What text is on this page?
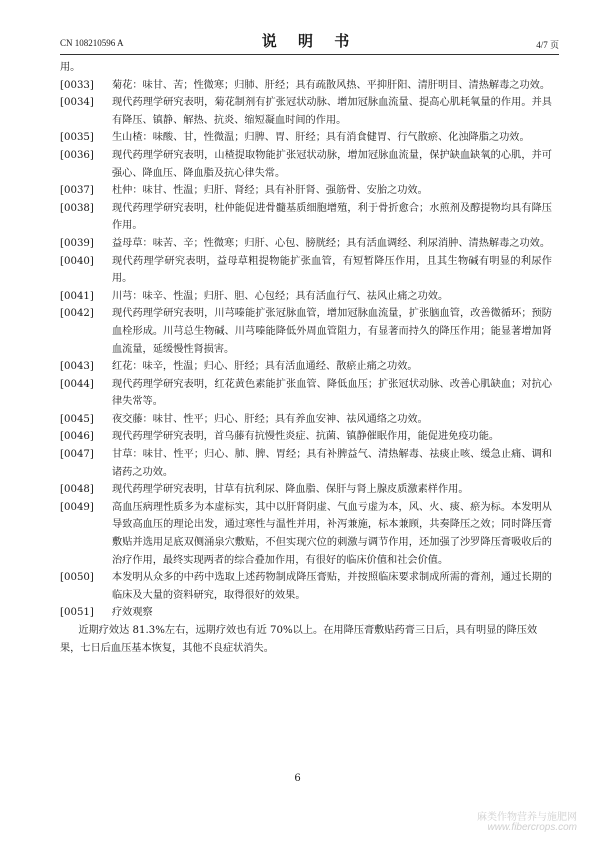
CN 108210596 A	说 明 书	4/7 页
用。
[0033]	菊花：味甘、苦；性微寒；归肺、肝经；具有疏散风热、平抑肝阳、清肝明目、清热解毒之功效。
[0034]	现代药理学研究表明，菊花制剂有扩张冠状动脉、增加冠脉血流量、提高心肌耗氧量的作用。并具有降压、镇静、解热、抗炎、缩短凝血时间的作用。
[0035]	生山楂：味酸、甘，性微温；归脾、胃、肝经；具有消食健胃、行气散瘀、化浊降脂之功效。
[0036]	现代药理学研究表明，山楂提取物能扩张冠状动脉，增加冠脉血流量，保护缺血缺氧的心肌，并可强心、降血压、降血脂及抗心律失常。
[0037]	杜仲：味甘、性温；归肝、肾经；具有补肝肾、强筋骨、安胎之功效。
[0038]	现代药理学研究表明，杜仲能促进骨髓基质细胞增殖，利于骨折愈合；水煎剂及醇提物均具有降压作用。
[0039]	益母草：味苦、辛；性微寒；归肝、心包、膀胱经；具有活血调经、利尿消肿、清热解毒之功效。
[0040]	现代药理学研究表明，益母草粗提物能扩张血管，有短暂降压作用，且其生物碱有明显的利尿作用。
[0041]	川芎：味辛、性温；归肝、胆、心包经；具有活血行气、祛风止痛之功效。
[0042]	现代药理学研究表明，川芎嗪能扩张冠脉血管，增加冠脉血流量，扩张脑血管，改善微循环；预防血栓形成。川芎总生物碱、川芎嗪能降低外周血管阻力，有显著而持久的降压作用；能显著增加肾血流量，延缓慢性肾损害。
[0043]	红花：味辛，性温；归心、肝经；具有活血通经、散瘀止痛之功效。
[0044]	现代药理学研究表明，红花黄色素能扩张血管、降低血压；扩张冠状动脉、改善心肌缺血；对抗心律失常等。
[0045]	夜交藤：味甘、性平；归心、肝经；具有养血安神、祛风通络之功效。
[0046]	现代药理学研究表明，首乌藤有抗慢性炎症、抗菌、镇静催眠作用，能促进免疫功能。
[0047]	甘草：味甘、性平；归心、肺、脾、胃经；具有补脾益气、清热解毒、祛痰止咳、缓急止痛、调和诸药之功效。
[0048]	现代药理学研究表明，甘草有抗利尿、降血脂、保肝与肾上腺皮质激素样作用。
[0049]	高血压病理性质多为本虚标实，其中以肝肾阴虚、气血亏虚为本，风、火、痰、瘀为标。本发明从导致高血压的理论出发，通过寒性与温性并用，补泻兼施，标本兼顾，共奏降压之效；同时降压膏敷贴并选用足底双侧涌泉穴敷贴，不但实现穴位的刺激与调节作用，还加强了沙罗降压膏吸收后的治疗作用，最终实现两者的综合叠加作用，有很好的临床价值和社会价值。
[0050]	本发明从众多的中药中选取上述药物制成降压膏贴，并按照临床要求制成所需的膏剂，通过长期的临床及大量的资料研究，取得很好的效果。
[0051]	疗效观察
近期疗效达 81.3%左右，远期疗效也有近 70%以上。在用降压膏敷贴药膏三日后，具有明显的降压效果，七日后血压基本恢复，其他不良症状消失。
6
麻类作物营养与施肥网
www.fibercrops.com
